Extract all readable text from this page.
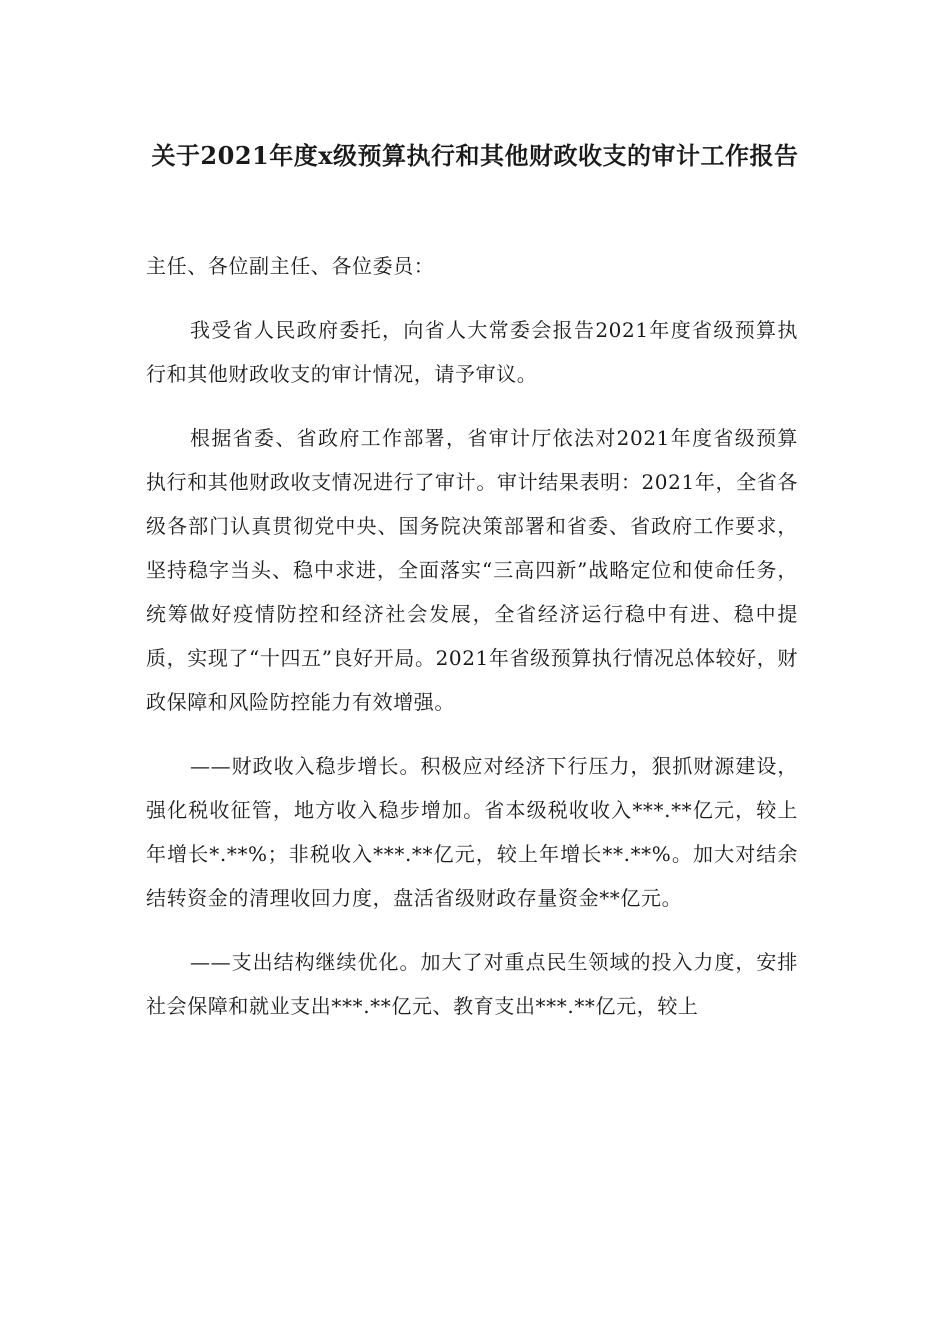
关于2021年度x级预算执行和其他财政收支的审计工作报告

主任、各位副主任、各位委员：

我受省人民政府委托，向省人大常委会报告2021年度省级预算执行和其他财政收支的审计情况，请予审议。

根据省委、省政府工作部署，省审计厅依法对2021年度省级预算执行和其他财政收支情况进行了审计。审计结果表明：2021年，全省各级各部门认真贯彻党中央、国务院决策部署和省委、省政府工作要求，坚持稳字当头、稳中求进，全面落实“三高四新”战略定位和使命任务，统筹做好疫情防控和经济社会发展，全省经济运行稳中有进、稳中提质，实现了“十四五”良好开局。2021年省级预算执行情况总体较好，财政保障和风险防控能力有效增强。

——财政收入稳步增长。积极应对经济下行压力，狠抓财源建设，强化税收征管，地方收入稳步增加。省本级税收收入***.**亿元，较上年增长*.**%；非税收入***.**亿元，较上年增长**.**%。加大对结余结转资金的清理收回力度，盘活省级财政存量资金**亿元。

——支出结构继续优化。加大了对重点民生领域的投入力度，安排社会保障和就业支出***.**亿元、教育支出***.**亿元，较上
